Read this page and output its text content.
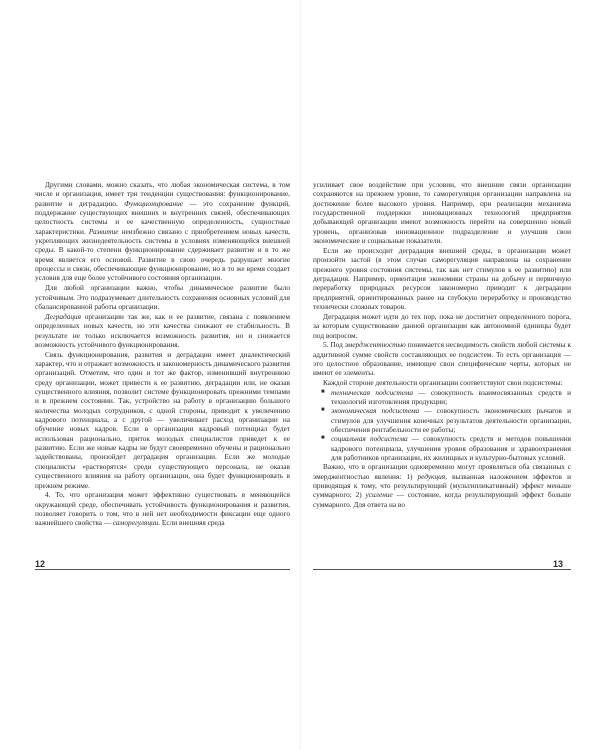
Другими словами, можно сказать, что любая экономическая система, в том числе и организация, имеет три тенденции существования: функционирование, развитие и деградацию. Функционирование — это сохранение функций, поддержание существующих внешних и внутренних связей, обеспечивающих целостность системы и ее качественную определенность, сущностные характеристики. Развитие неизбежно связано с приобретением новых качеств, укрепляющих жизнедеятельность системы в условиях изменяющейся внешней среды. В какой-то степени функционирование сдерживает развитие и в то же время является его основой. Развитие в свою очередь разрушает многие процессы и связи, обеспечивающие функционирование, но в то же время создает условия для еще более устойчивого состояния организации.

Для любой организации важно, чтобы динамическое развитие было устойчивым. Это подразумевает длительность сохранения основных условий для сбалансированной работы организации.

Деградация организации так же, как и ее развитие, связана с появлением определенных новых качеств, но эти качества снижают ее стабильность. В результате не только исключается возможность развития, но и снижается возможность устойчивого функционирования.

Связь функционирования, развития и деградации имеет диалектический характер, что и отражает возможность и закономерность динамического развития организаций. Отметим, что один и тот же фактор, изменивший внутреннюю среду организации, может привести к ее развитию, деградации или, не оказав существенного влияния, позволит системе функционировать прежними темпами и в прежнем состоянии. Так, устройство на работу в организацию большого количества молодых сотрудников, с одной стороны, приводит к увеличению кадрового потенциала, а с другой — увеличивает расход организации на обучение новых кадров. Если в организации кадровый потенциал будет использован рационально, приток молодых специалистов приведет к ее развитию. Если же новые кадры не будут своевременно обучены и рационально задействованы, произойдет деградация организации. Если же молодые специалисты «растворятся» среди существующего персонала, не оказав существенного влияния на работу организации, она будет функционировать в прежнем режиме.

4. То, что организация может эффективно существовать в меняющейся окружающей среде, обеспечивать устойчивость функционирования и развития, позволяет говорить о том, что в ней нет необходимости фиксации еще одного важнейшего свойства — саморегуляции. Если внешняя среда

12

усиливает свое воздействие при условии, что внешние связи организации сохраняются на прежнем уровне, то саморегуляция организации направлена на достижение более высокого уровня. Например, при реализации механизма государственной поддержки инновационных технологий предприятия добывающей организации имеют возможность перейти на совершенно новый уровень, организовав инновационное подразделение и улучшив свои экономические и социальные показатели.

Если же происходит деградация внешней среды, в организации может произойти застой (в этом случае саморегуляция направлена на сохранение прежнего уровня состояния системы, так как нет стимулов к ее развитию) или деградация. Например, ориентация экономики страны на добычу и первичную переработку природных ресурсов закономерно приводит к деградации предприятий, ориентированных ранее на глубокую переработку и производство технически сложных товаров.

Деградация может идти до тех пор, пока не достигнет определенного порога, за которым существование данной организации как автономной единицы будет под вопросом.

5. Под эмерджентностью понимается несводимость свойств любой системы к аддитивной сумме свойств составляющих ее подсистем. То есть организация — это целостное образование, имеющее свои специфические черты, которых не имеют ее элементы.

Каждой стороне деятельности организации соответствуют свои подсистемы:

■ техническая подсистема — совокупность взаимосвязанных средств и технологий изготовления продукции;
■ экономическая подсистема — совокупность экономических рычагов и стимулов для улучшения конечных результатов деятельности организации, обеспечения рентабельности ее работы;
■ социальная подсистема — совокупность средств и методов повышения кадрового потенциала, улучшения уровня образования и здравоохранения для работников организации, их жилищных и культурно-бытовых условий.

Важно, что в организации одновременно могут проявляться оба связанных с эмерджентностью явления: 1) редукция, вызванная наложением эффектов и приводящая к тому, что результирующий (мультипликативный) эффект меньше суммарного; 2) усиление — состояние, когда результирующий эффект больше суммарного. Для ответа на во

13
